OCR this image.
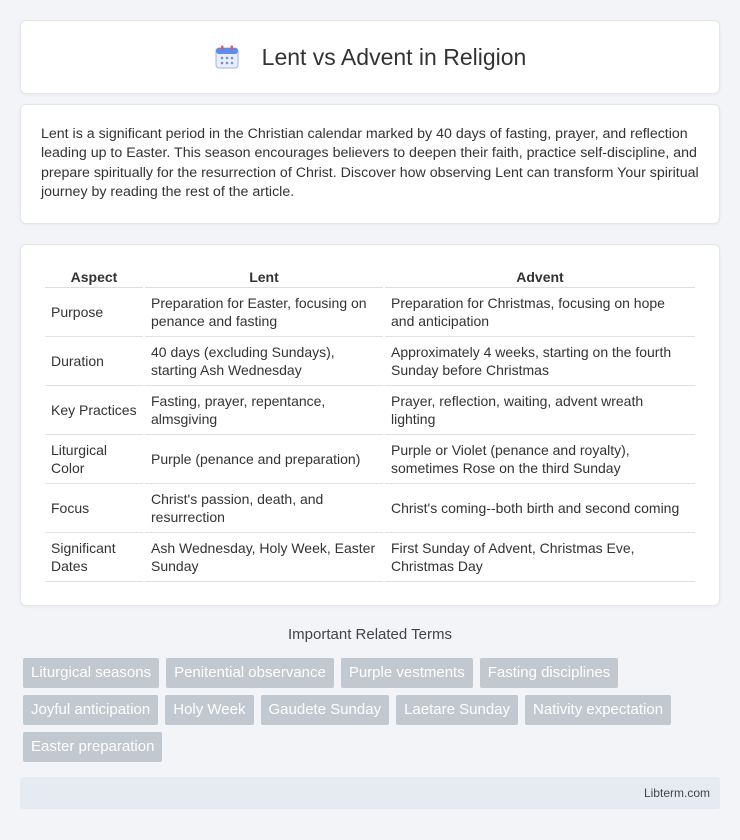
Lent vs Advent in Religion

Lent is a significant period in the Christian calendar marked by 40 days of fasting, prayer, and reflection leading up to Easter. This season encourages believers to deepen their faith, practice self-discipline, and prepare spiritually for the resurrection of Christ. Discover how observing Lent can transform Your spiritual journey by reading the rest of the article.

Aspect	Lent	Advent
Purpose	Preparation for Easter, focusing on penance and fasting	Preparation for Christmas, focusing on hope and anticipation
Duration	40 days (excluding Sundays), starting Ash Wednesday	Approximately 4 weeks, starting on the fourth Sunday before Christmas
Key Practices	Fasting, prayer, repentance, almsgiving	Prayer, reflection, waiting, advent wreath lighting
Liturgical Color	Purple (penance and preparation)	Purple or Violet (penance and royalty), sometimes Rose on the third Sunday
Focus	Christ's passion, death, and resurrection	Christ's coming--both birth and second coming
Significant Dates	Ash Wednesday, Holy Week, Easter Sunday	First Sunday of Advent, Christmas Eve, Christmas Day
Important Related Terms
Liturgical seasons	Penitential observance	Purple vestments	Fasting disciplines
Joyful anticipation	Holy Week	Gaudete Sunday	Laetare Sunday	Nativity expectation
Easter preparation
Libterm.com
